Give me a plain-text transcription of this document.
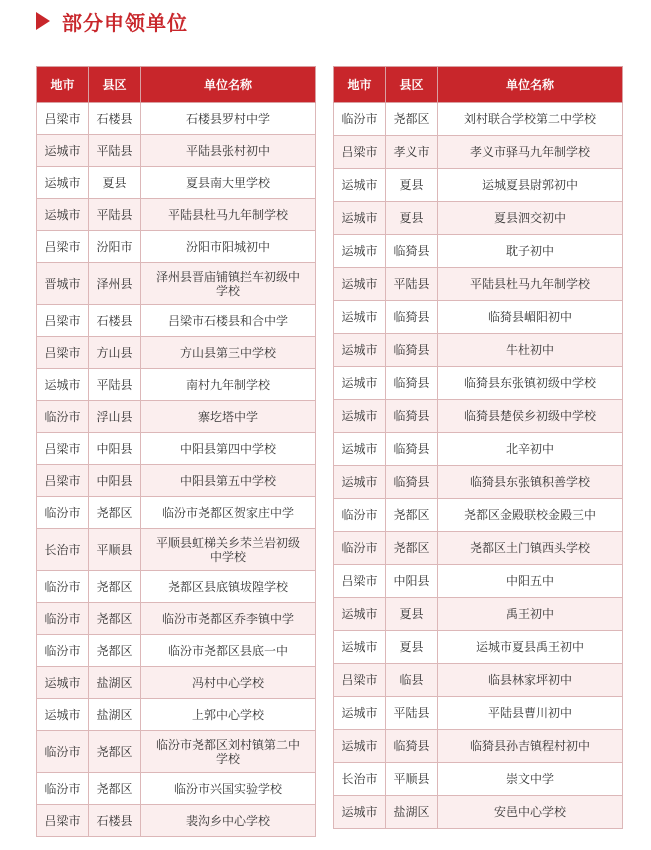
部分申领单位
地市	县区	单位名称
吕梁市	石楼县	石楼县罗村中学
运城市	平陆县	平陆县张村初中
运城市	夏县	夏县南大里学校
运城市	平陆县	平陆县杜马九年制学校
吕梁市	汾阳市	汾阳市阳城初中
晋城市	泽州县	泽州县晋庙铺镇拦车初级中学校
吕梁市	石楼县	吕梁市石楼县和合中学
吕梁市	方山县	方山县第三中学校
运城市	平陆县	南村九年制学校
临汾市	浮山县	寨圪塔中学
吕梁市	中阳县	中阳县第四中学校
吕梁市	中阳县	中阳县第五中学校
临汾市	尧都区	临汾市尧都区贺家庄中学
长治市	平顺县	平顺县虹梯关乡芣兰岩初级中学校
临汾市	尧都区	尧都区县底镇坺隍学校
临汾市	尧都区	临汾市尧都区乔李镇中学
临汾市	尧都区	临汾市尧都区县底一中
运城市	盐湖区	冯村中心学校
运城市	盐湖区	上郭中心学校
临汾市	尧都区	临汾市尧都区刘村镇第二中学校
临汾市	尧都区	临汾市兴国实验学校
吕梁市	石楼县	裴沟乡中心学校
地市	县区	单位名称
临汾市	尧都区	刘村联合学校第二中学校
吕梁市	孝义市	孝义市驿马九年制学校
运城市	夏县	运城夏县尉郭初中
运城市	夏县	夏县泗交初中
运城市	临猗县	耽子初中
运城市	平陆县	平陆县杜马九年制学校
运城市	临猗县	临猗县嵋阳初中
运城市	临猗县	牛杜初中
运城市	临猗县	临猗县东张镇初级中学校
运城市	临猗县	临猗县楚侯乡初级中学校
运城市	临猗县	北辛初中
运城市	临猗县	临猗县东张镇积善学校
临汾市	尧都区	尧都区金殿联校金殿三中
临汾市	尧都区	尧都区土门镇西头学校
吕梁市	中阳县	中阳五中
运城市	夏县	禹王初中
运城市	夏县	运城市夏县禹王初中
吕梁市	临县	临县林家坪初中
运城市	平陆县	平陆县曹川初中
运城市	临猗县	临猗县孙吉镇程村初中
长治市	平顺县	崇文中学
运城市	盐湖区	安邑中心学校
